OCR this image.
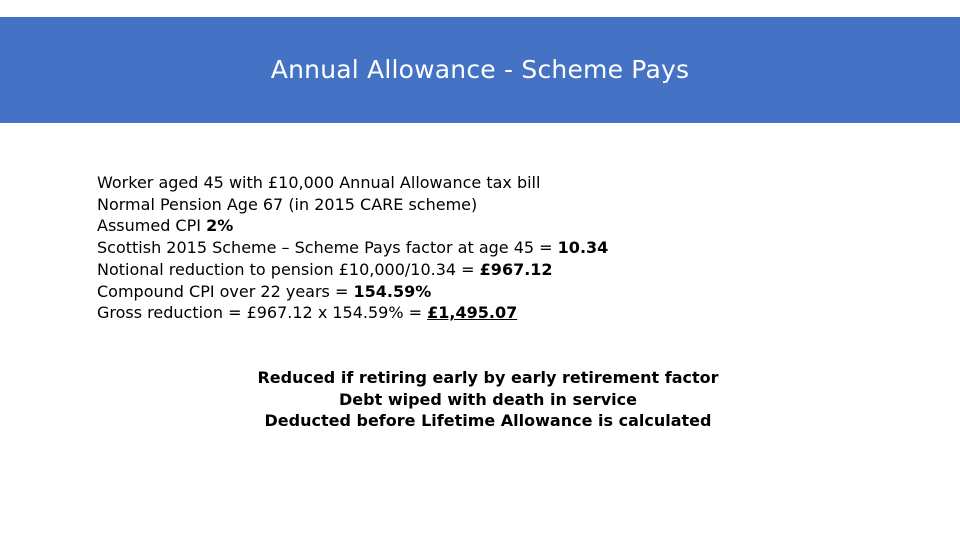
Annual Allowance - Scheme Pays
Worker aged 45 with £10,000 Annual Allowance tax bill
Normal Pension Age 67 (in 2015 CARE scheme)
Assumed CPI 2%
Scottish 2015 Scheme – Scheme Pays factor at age 45 = 10.34
Notional reduction to pension £10,000/10.34 = £967.12
Compound CPI over 22 years = 154.59%
Gross reduction = £967.12 x 154.59% = £1,495.07
Reduced if retiring early by early retirement factor
Debt wiped with death in service
Deducted before Lifetime Allowance is calculated
